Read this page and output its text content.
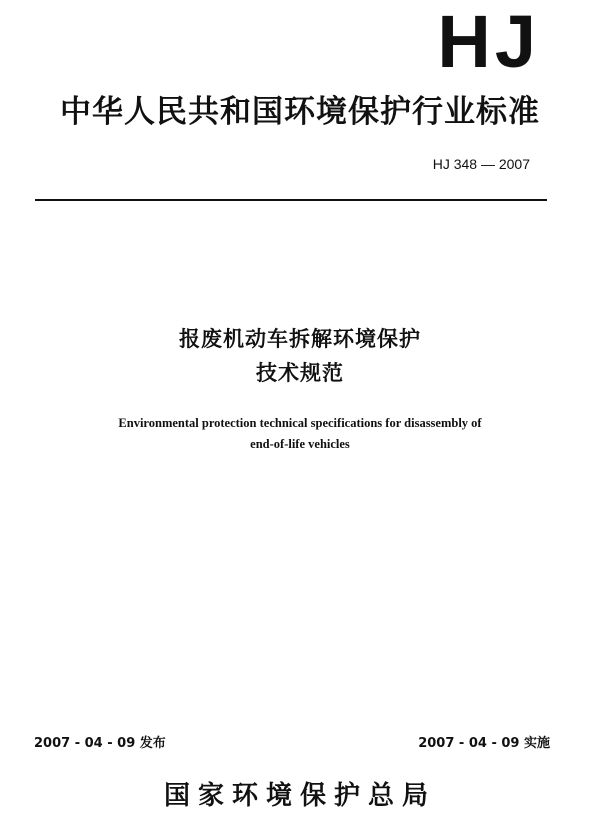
HJ
中华人民共和国环境保护行业标准
HJ 348 — 2007
报废机动车拆解环境保护
技术规范
Environmental protection technical specifications for disassembly of
end-of-life vehicles
2007 - 04 - 09 发布	2007 - 04 - 09 实施
国家环境保护总局
